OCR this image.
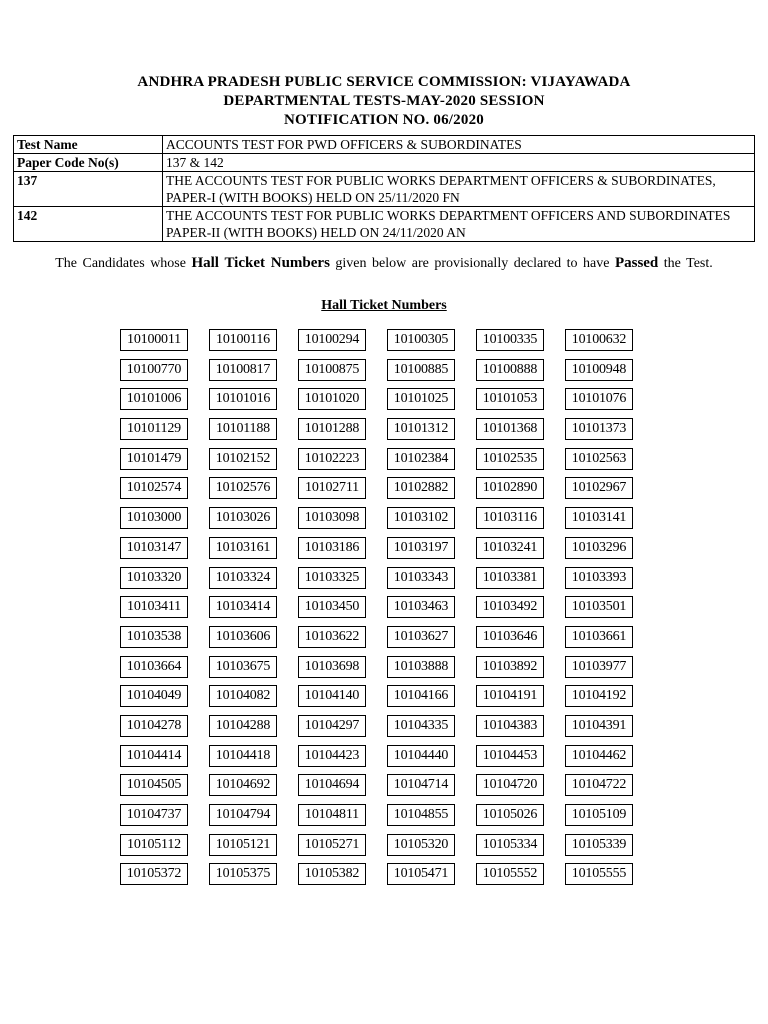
ANDHRA PRADESH PUBLIC SERVICE COMMISSION: VIJAYAWADA
DEPARTMENTAL TESTS-MAY-2020 SESSION
NOTIFICATION NO. 06/2020
Test Name	ACCOUNTS TEST FOR PWD OFFICERS & SUBORDINATES
Paper Code No(s)	137 & 142
137	THE ACCOUNTS TEST FOR PUBLIC WORKS DEPARTMENT OFFICERS & SUBORDINATES, PAPER-I (WITH BOOKS) HELD ON 25/11/2020 FN
142	THE ACCOUNTS TEST FOR PUBLIC WORKS DEPARTMENT OFFICERS AND SUBORDINATES PAPER-II (WITH BOOKS) HELD ON 24/11/2020 AN
The Candidates whose Hall Ticket Numbers given below are provisionally declared to have Passed the Test.
Hall Ticket Numbers
10100011	10100116	10100294	10100305	10100335	10100632
10100770	10100817	10100875	10100885	10100888	10100948
10101006	10101016	10101020	10101025	10101053	10101076
10101129	10101188	10101288	10101312	10101368	10101373
10101479	10102152	10102223	10102384	10102535	10102563
10102574	10102576	10102711	10102882	10102890	10102967
10103000	10103026	10103098	10103102	10103116	10103141
10103147	10103161	10103186	10103197	10103241	10103296
10103320	10103324	10103325	10103343	10103381	10103393
10103411	10103414	10103450	10103463	10103492	10103501
10103538	10103606	10103622	10103627	10103646	10103661
10103664	10103675	10103698	10103888	10103892	10103977
10104049	10104082	10104140	10104166	10104191	10104192
10104278	10104288	10104297	10104335	10104383	10104391
10104414	10104418	10104423	10104440	10104453	10104462
10104505	10104692	10104694	10104714	10104720	10104722
10104737	10104794	10104811	10104855	10105026	10105109
10105112	10105121	10105271	10105320	10105334	10105339
10105372	10105375	10105382	10105471	10105552	10105555
